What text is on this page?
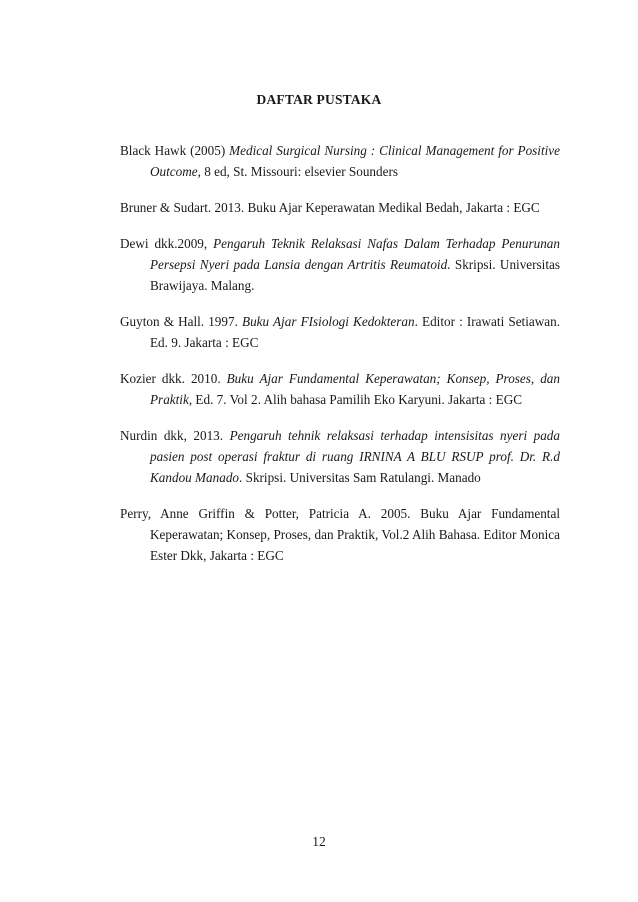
DAFTAR PUSTAKA
Black Hawk (2005) Medical Surgical Nursing : Clinical Management for Positive Outcome, 8 ed, St. Missouri: elsevier Sounders
Bruner & Sudart. 2013. Buku Ajar Keperawatan Medikal Bedah, Jakarta : EGC
Dewi dkk.2009, Pengaruh Teknik Relaksasi Nafas Dalam Terhadap Penurunan Persepsi Nyeri pada Lansia dengan Artritis Reumatoid. Skripsi. Universitas Brawijaya. Malang.
Guyton & Hall. 1997. Buku Ajar FIsiologi Kedokteran. Editor : Irawati Setiawan. Ed. 9. Jakarta : EGC
Kozier dkk. 2010. Buku Ajar Fundamental Keperawatan; Konsep, Proses, dan Praktik, Ed. 7. Vol 2. Alih bahasa Pamilih Eko Karyuni. Jakarta : EGC
Nurdin dkk, 2013. Pengaruh tehnik relaksasi terhadap intensisitas nyeri pada pasien post operasi fraktur di ruang IRNINA A BLU RSUP prof. Dr. R.d Kandou Manado. Skripsi. Universitas Sam Ratulangi. Manado
Perry, Anne Griffin & Potter, Patricia A. 2005. Buku Ajar Fundamental Keperawatan; Konsep, Proses, dan Praktik, Vol.2 Alih Bahasa. Editor Monica Ester Dkk, Jakarta : EGC
12
